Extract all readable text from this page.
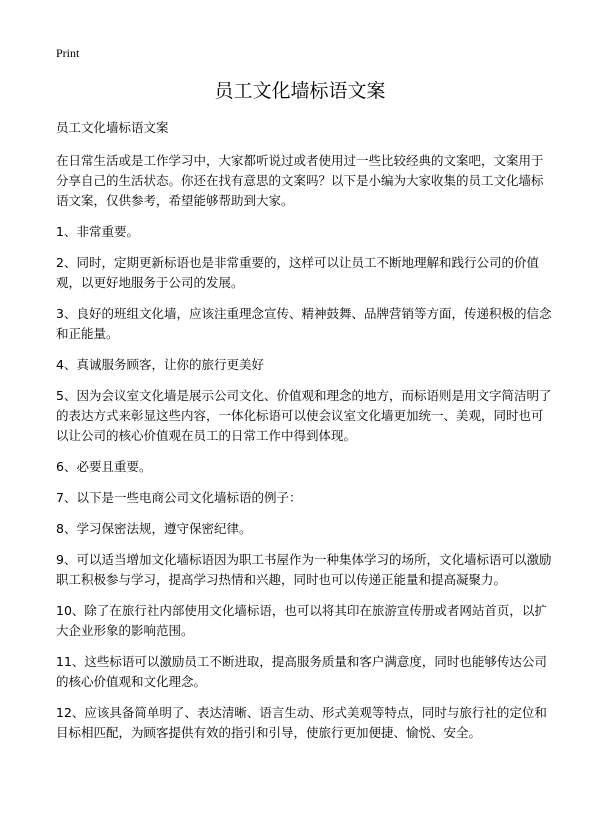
Print
员工文化墙标语文案

员工文化墙标语文案

在日常生活或是工作学习中，大家都听说过或者使用过一些比较经典的文案吧，文案用于分享自己的生活状态。你还在找有意思的文案吗？以下是小编为大家收集的员工文化墙标语文案，仅供参考，希望能够帮助到大家。

1、非常重要。

2、同时，定期更新标语也是非常重要的，这样可以让员工不断地理解和践行公司的价值观，以更好地服务于公司的发展。

3、良好的班组文化墙，应该注重理念宣传、精神鼓舞、品牌营销等方面，传递积极的信念和正能量。

4、真诚服务顾客，让你的旅行更美好

5、因为会议室文化墙是展示公司文化、价值观和理念的地方，而标语则是用文字简洁明了的表达方式来彰显这些内容，一体化标语可以使会议室文化墙更加统一、美观，同时也可以让公司的核心价值观在员工的日常工作中得到体现。

6、必要且重要。

7、以下是一些电商公司文化墙标语的例子：

8、学习保密法规，遵守保密纪律。

9、可以适当增加文化墙标语因为职工书屋作为一种集体学习的场所，文化墙标语可以激励职工积极参与学习，提高学习热情和兴趣，同时也可以传递正能量和提高凝聚力。

10、除了在旅行社内部使用文化墙标语，也可以将其印在旅游宣传册或者网站首页，以扩大企业形象的影响范围。

11、这些标语可以激励员工不断进取，提高服务质量和客户满意度，同时也能够传达公司的核心价值观和文化理念。

12、应该具备简单明了、表达清晰、语言生动、形式美观等特点，同时与旅行社的定位和目标相匹配，为顾客提供有效的指引和引导，使旅行更加便捷、愉悦、安全。
